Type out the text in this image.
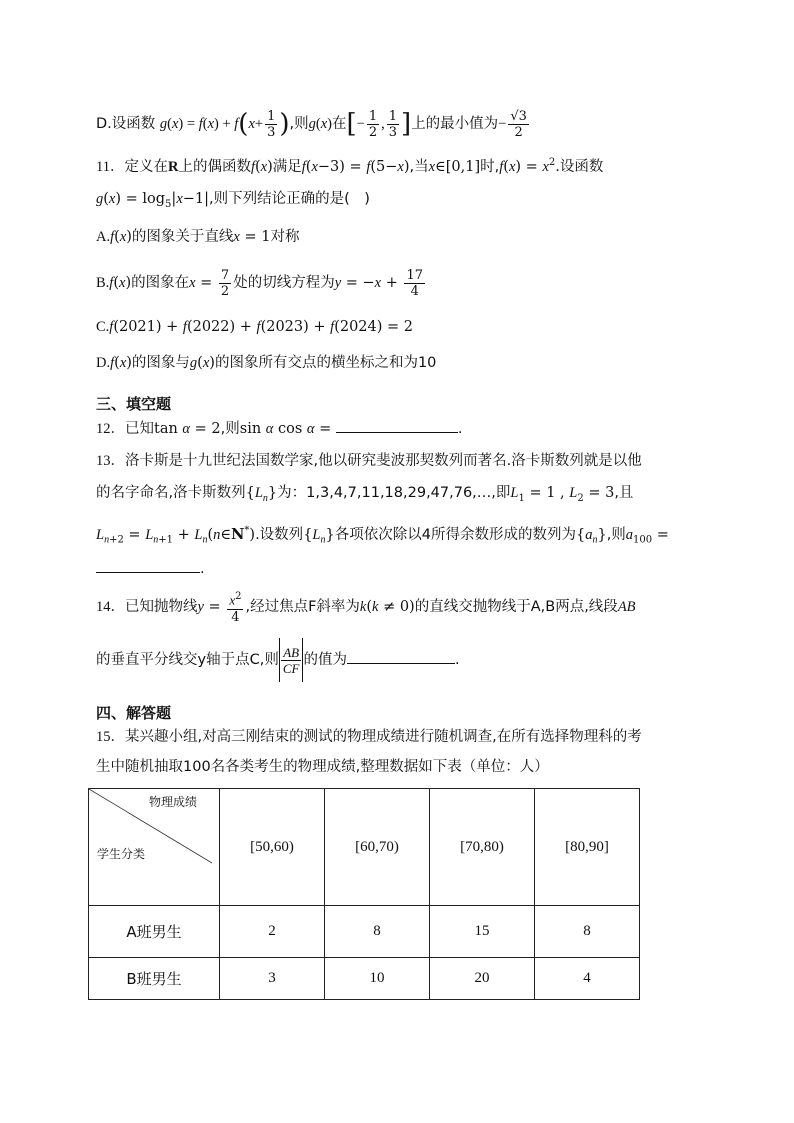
D.设函数 $g(x) = f(x) + f(x+ \frac{1}{3}$ ),则g(x)在[− $\frac{1}{2}$ , $\frac{1}{3}$ ]上的最小值为− $\frac{√3}{2}$
11．定义在R上的偶函数f(x)满足f(x−3) = f(5−x),当x∈[0,1]时$,f(x) = x^2$.设函数
$g(x) = \log_5|x-1|$,则下列结论正确的是(　)
A.f(x)的图象关于直线x = 1对称
B.f(x)的图象在$x = \frac{7}{2}$ 处的切线方程为$y = -x + \frac{17}{4}$
C.f(2021) + f(2022) + f(2023) + f(2024) = 2
D.f(x)的图象与g(x)的图象所有交点的横坐标之和为10
三、填空题
12．已知tan α = 2,则sin α cos α =	.
13．洛卡斯是十九世纪法国数学家,他以研究斐波那契数列而著名.洛卡斯数列就是以他
的名字命名,洛卡斯数列$\{L_n\}$为：1,3,4,7,11,18,29,47,76,…,即$L_1 = 1$ , $L_2 = 3$,且
$L_{n+2} = L_{n+1}$ + $L_n(n\in N^*)$.设数列$\{L_n\}$各项依次除以4所得余数形成的数列为$\{a_n\}$,则$a_{100}$ =
.
14．已知抛物线$y = \frac{x^2}{4}$ ,经过焦点F斜率为k(k ≠ 0)的直线交抛物线于A,B两点,线段AB
的垂直平分线交y轴于点C,则 $\frac{AB}{CF}$ 的值为	.
四、解答题
15．某兴趣小组,对高三刚结束的测试的物理成绩进行随机调查,在所有选择物理科的考
生中随机抽取100名各类考生的物理成绩,整理数据如下表（单位：人）
物理成绩
学生分类	[50,60)	[60,70)	[70,80)	[80,90]
A班男生	2	8	15	8
B班男生	3	10	20	4
